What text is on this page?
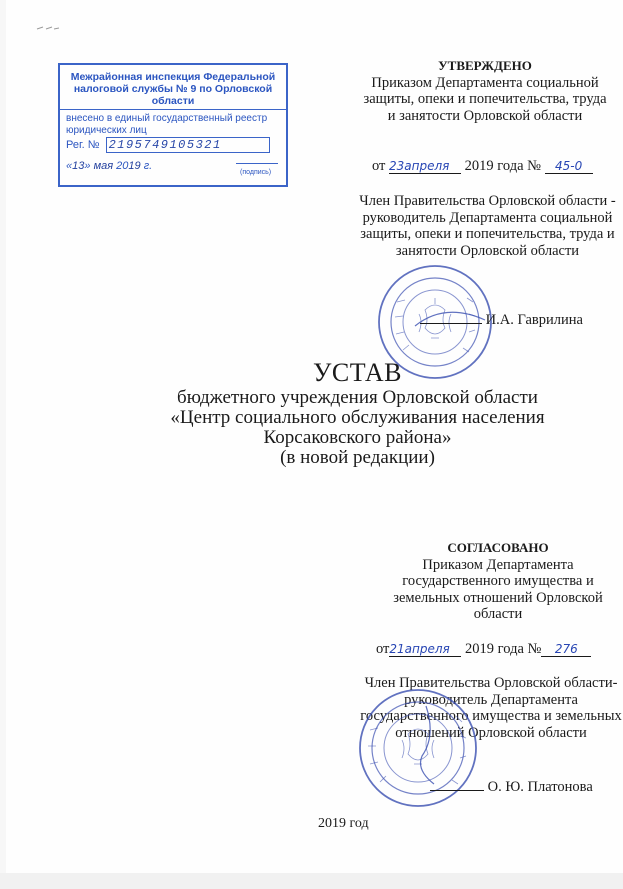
Межрайонная инспекция Федеральной налоговой службы № 9 по Орловской области
внесено в единый государственный реестр юридических лиц
Рег. № 2195749105321
«13» мая 2019 г.
(подпись)
УТВЕРЖДЕНО
Приказом Департамента социальной защиты, опеки и попечительства, труда и занятости Орловской области
от 23апреля 2019 года № 45-0
Член Правительства Орловской области - руководитель Департамента социальной защиты, опеки и попечительства, труда и занятости Орловской области
И.А. Гаврилина
УСТАВ
бюджетного учреждения Орловской области
«Центр социального обслуживания населения
Корсаковского района»
(в новой редакции)
СОГЛАСОВАНО
Приказом Департамента государственного имущества и земельных отношений Орловской области
от21апреля 2019 года № 276
Член Правительства Орловской области-руководитель Департамента государственного имущества и земельных отношений Орловской области
О. Ю. Платонова
2019 год
